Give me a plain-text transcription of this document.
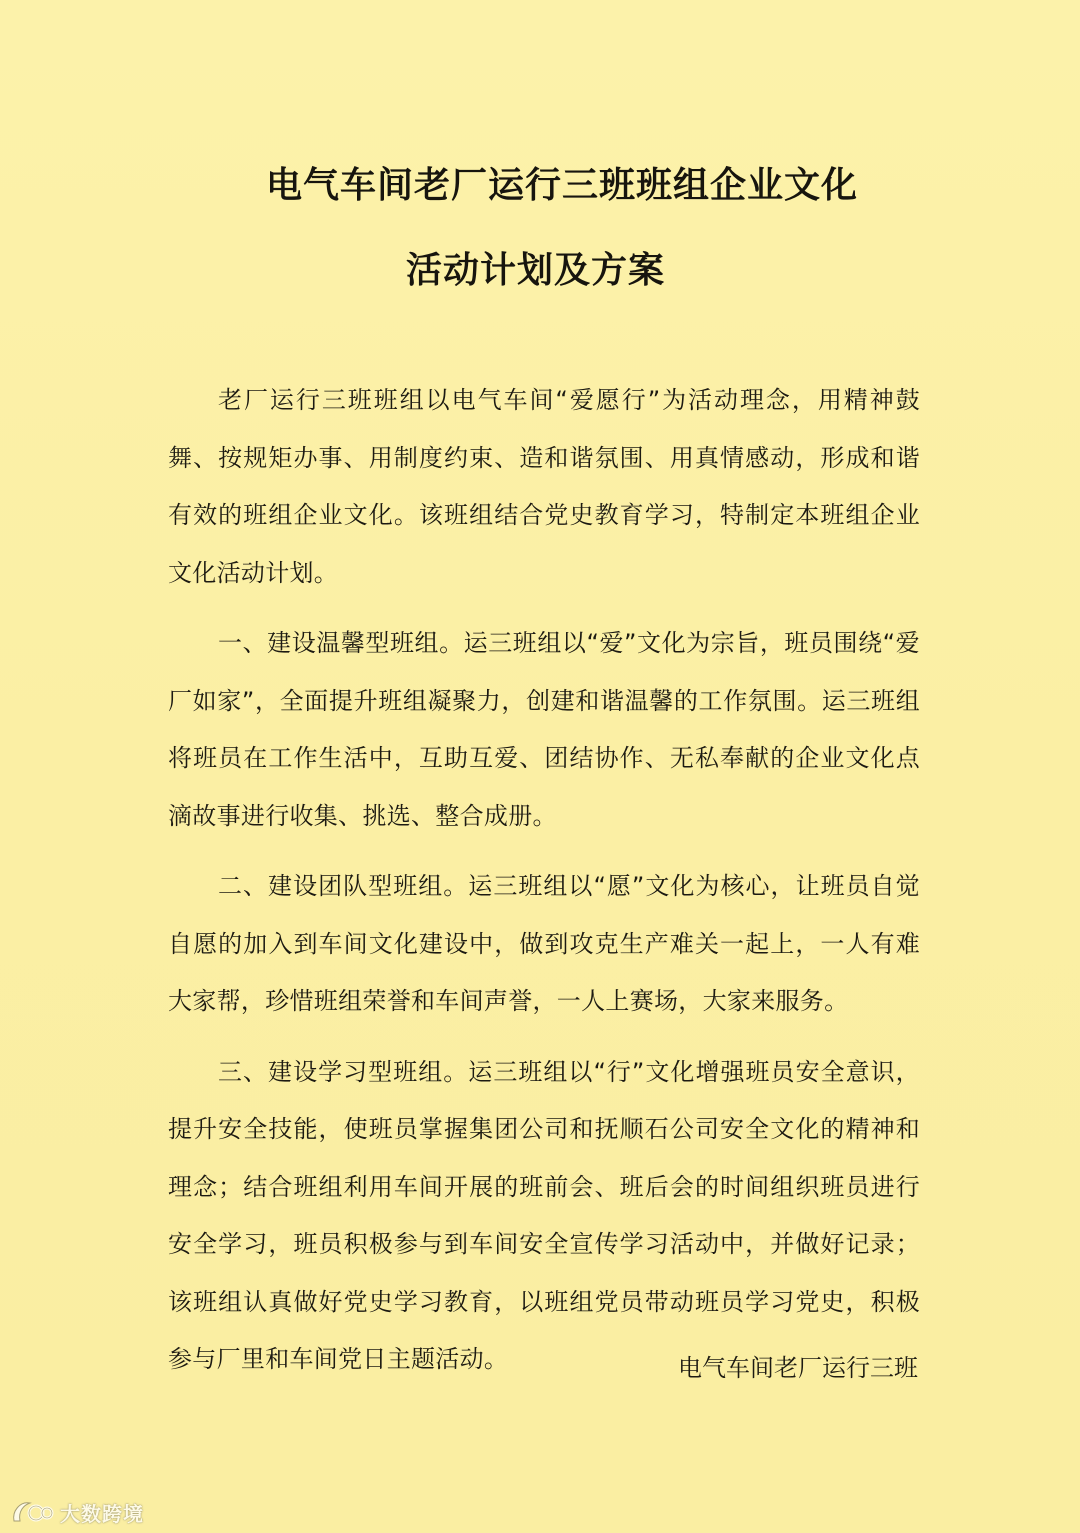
电气车间老厂运行三班班组企业文化
活动计划及方案

老厂运行三班班组以电气车间“爱愿行”为活动理念，用精神鼓舞、按规矩办事、用制度约束、造和谐氛围、用真情感动，形成和谐有效的班组企业文化。该班组结合党史教育学习，特制定本班组企业文化活动计划。

一、建设温馨型班组。运三班组以“爱”文化为宗旨，班员围绕“爱厂如家”，全面提升班组凝聚力，创建和谐温馨的工作氛围。运三班组将班员在工作生活中，互助互爱、团结协作、无私奉献的企业文化点滴故事进行收集、挑选、整合成册。

二、建设团队型班组。运三班组以“愿”文化为核心，让班员自觉自愿的加入到车间文化建设中，做到攻克生产难关一起上，一人有难大家帮，珍惜班组荣誉和车间声誉，一人上赛场，大家来服务。

三、建设学习型班组。运三班组以“行”文化增强班员安全意识，提升安全技能，使班员掌握集团公司和抚顺石公司安全文化的精神和理念；结合班组利用车间开展的班前会、班后会的时间组织班员进行安全学习，班员积极参与到车间安全宣传学习活动中，并做好记录；该班组认真做好党史学习教育，以班组党员带动班员学习党史，积极参与厂里和车间党日主题活动。	电气车间老厂运行三班
大数跨境
